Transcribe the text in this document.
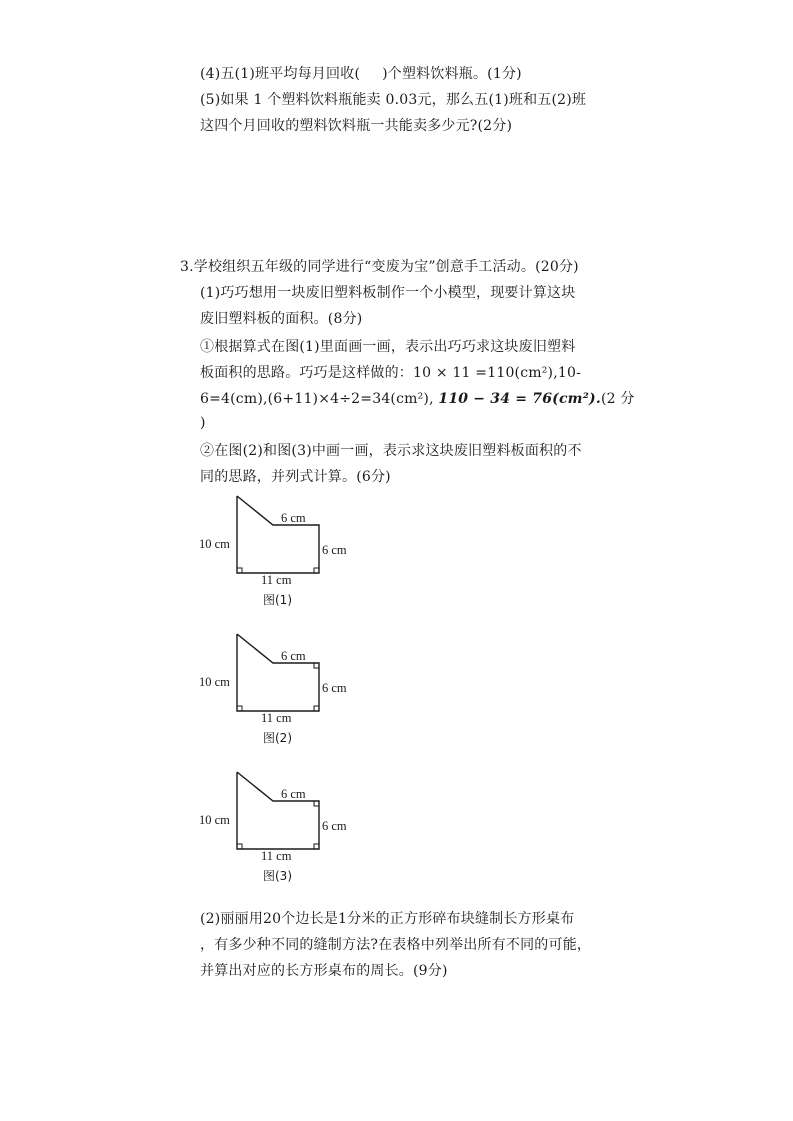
(4)五(1)班平均每月回收( )个塑料饮料瓶。(1分)
(5)如果 1 个塑料饮料瓶能卖 0.03元，那么五(1)班和五(2)班
这四个月回收的塑料饮料瓶一共能卖多少元?(2分)
3.学校组织五年级的同学进行“变废为宝”创意手工活动。(20分)
(1)巧巧想用一块废旧塑料板制作一个小模型，现要计算这块
废旧塑料板的面积。(8分)
①根据算式在图(1)里面画一画，表示出巧巧求这块废旧塑料
板面积的思路。巧巧是这样做的：10 × 11 =110(cm²),10-
6=4(cm),(6+11)×4÷2=34(cm²), 110 − 34 = 76(cm²).(2 分
)
②在图(2)和图(3)中画一画，表示求这块废旧塑料板面积的不
同的思路，并列式计算。(6分)
10 cm
6 cm
6 cm
11 cm
图(1)
10 cm
6 cm
6 cm
11 cm
图(2)
10 cm
6 cm
6 cm
11 cm
图(3)
(2)丽丽用20个边长是1分米的正方形碎布块缝制长方形桌布
，有多少种不同的缝制方法?在表格中列举出所有不同的可能，
并算出对应的长方形桌布的周长。(9分)
